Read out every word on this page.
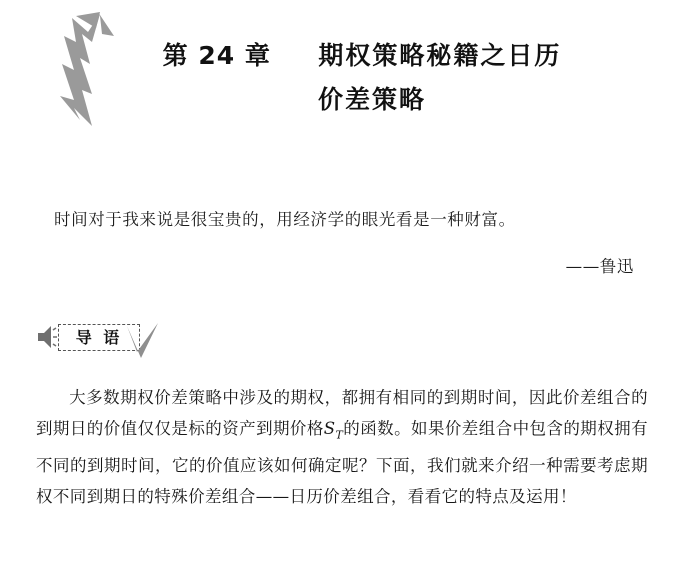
第 24 章 期权策略秘籍之日历
价差策略
时间对于我来说是很宝贵的，用经济学的眼光看是一种财富。
——鲁迅
导 语
大多数期权价差策略中涉及的期权，都拥有相同的到期时间，因此价差组合的到期日的价值仅仅是标的资产到期价格$S_T$的函数。如果价差组合中包含的期权拥有不同的到期时间，它的价值应该如何确定呢？下面，我们就来介绍一种需要考虑期权不同到期日的特殊价差组合——日历价差组合，看看它的特点及运用！
